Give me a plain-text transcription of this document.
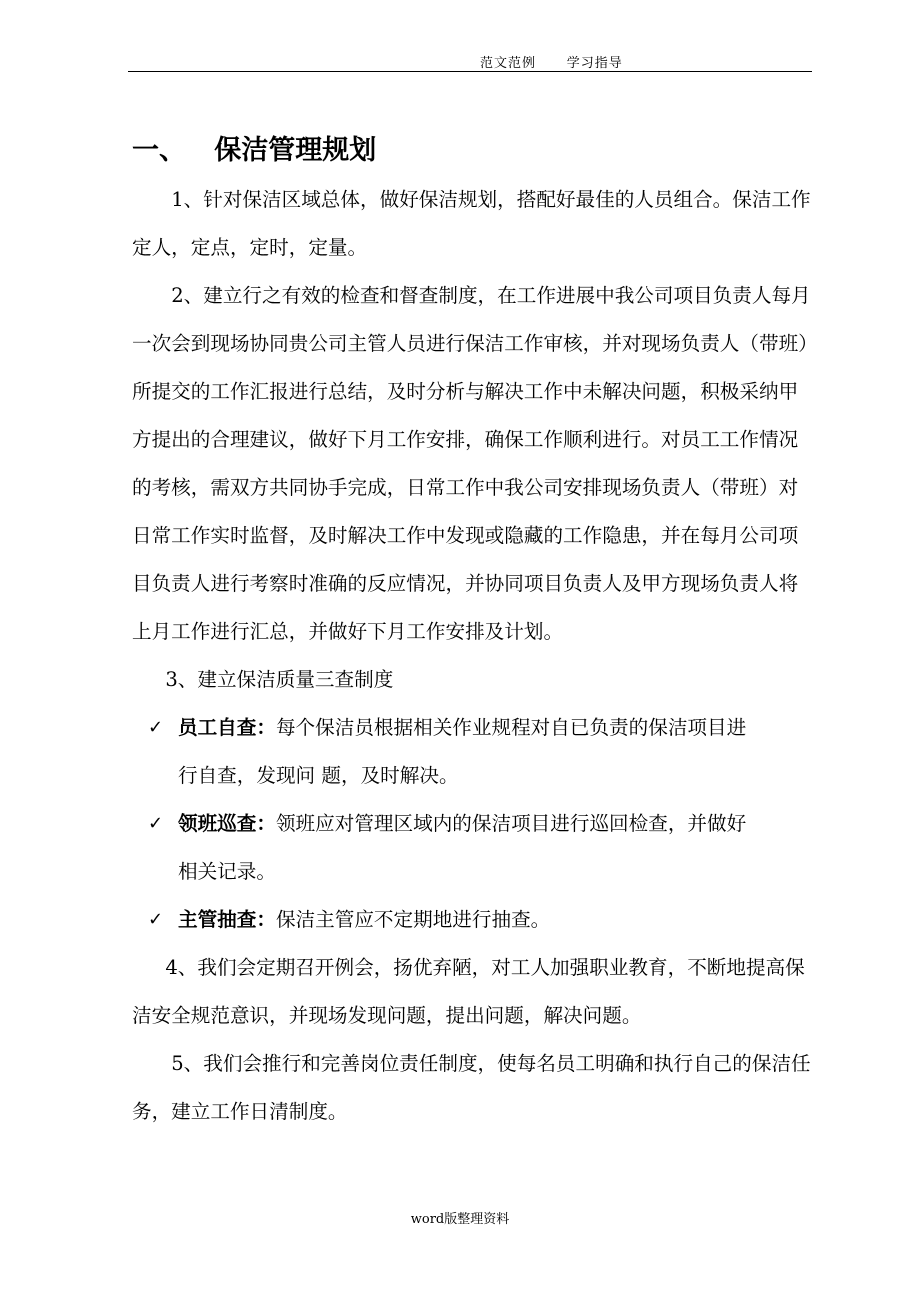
范文范例      学习指导
一、   保洁管理规划

1、针对保洁区域总体，做好保洁规划，搭配好最佳的人员组合。保洁工作定人，定点，定时，定量。

2、建立行之有效的检查和督查制度，在工作进展中我公司项目负责人每月一次会到现场协同贵公司主管人员进行保洁工作审核，并对现场负责人（带班）所提交的工作汇报进行总结，及时分析与解决工作中未解决问题，积极采纳甲方提出的合理建议，做好下月工作安排，确保工作顺利进行。对员工工作情况的考核，需双方共同协手完成，日常工作中我公司安排现场负责人（带班）对日常工作实时监督，及时解决工作中发现或隐藏的工作隐患，并在每月公司项目负责人进行考察时准确的反应情况，并协同项目负责人及甲方现场负责人将上月工作进行汇总，并做好下月工作安排及计划。

3、建立保洁质量三查制度

✓ 员工自查：每个保洁员根据相关作业规程对自已负责的保洁项目进

行自查，发现问 题，及时解决。

✓ 领班巡查：领班应对管理区域内的保洁项目进行巡回检查，并做好

相关记录。

✓ 主管抽查：保洁主管应不定期地进行抽查。

4、我们会定期召开例会，扬优弃陋，对工人加强职业教育，不断地提高保洁安全规范意识，并现场发现问题，提出问题，解决问题。

5、我们会推行和完善岗位责任制度，使每名员工明确和执行自己的保洁任务，建立工作日清制度。

word版整理资料
